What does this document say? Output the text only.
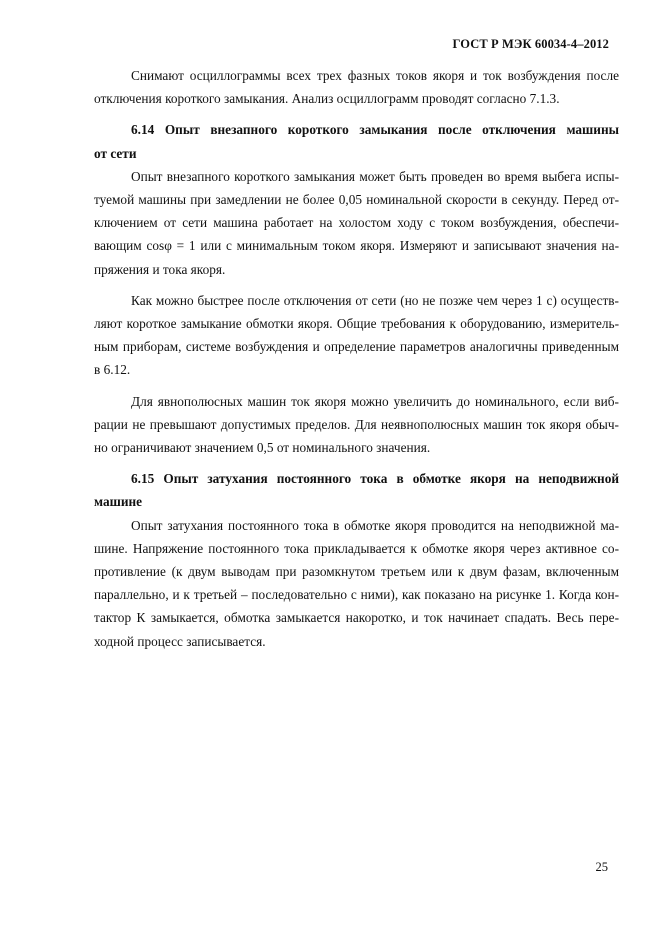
ГОСТ Р МЭК 60034-4–2012

Снимают осциллограммы всех трех фазных токов якоря и ток возбуждения после
отключения короткого замыкания. Анализ осциллограмм проводят согласно 7.1.3.

6.14 Опыт внезапного короткого замыкания после отключения машины
от сети

Опыт внезапного короткого замыкания может быть проведен во время выбега испы-
туемой машины при замедлении не более 0,05 номинальной скорости в секунду. Перед от-
ключением от сети машина работает на холостом ходу с током возбуждения, обеспечи-
вающим cosφ = 1 или с минимальным током якоря. Измеряют и записывают значения на-
пряжения и тока якоря.

Как можно быстрее после отключения от сети (но не позже чем через 1 с) осуществ-
ляют короткое замыкание обмотки якоря. Общие требования к оборудованию, измеритель-
ным приборам, системе возбуждения и определение параметров аналогичны приведенным
в 6.12.

Для явнополюсных машин ток якоря можно увеличить до номинального, если виб-
рации не превышают допустимых пределов. Для неявнополюсных машин ток якоря обыч-
но ограничивают значением 0,5 от номинального значения.

6.15 Опыт затухания постоянного тока в обмотке якоря на неподвижной
машине

Опыт затухания постоянного тока в обмотке якоря проводится на неподвижной ма-
шине. Напряжение постоянного тока прикладывается к обмотке якоря через активное со-
противление (к двум выводам при разомкнутом третьем или к двум фазам, включенным
параллельно, и к третьей – последовательно с ними), как показано на рисунке 1. Когда кон-
тактор К замыкается, обмотка замыкается накоротко, и ток начинает спадать. Весь пере-
ходной процесс записывается.

25
